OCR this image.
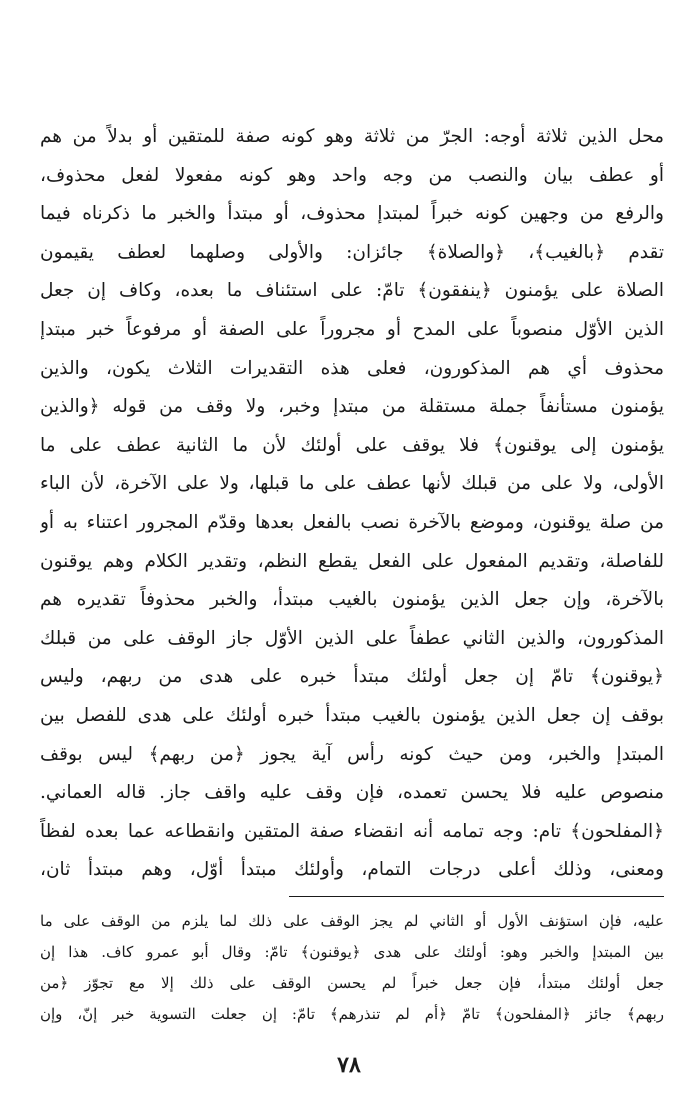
محل الذين ثلاثة أوجه: الجرّ من ثلاثة وهو كونه صفة للمتقين أو بدلاً من هم
أو عطف بيان والنصب من وجه واحد وهو كونه مفعولا لفعل محذوف،
والرفع من وجهين كونه خبراً لمبتدإ محذوف، أو مبتدأ والخبر ما ذكرناه فيما
تقدم ﴿بالغيب﴾، ﴿والصلاة﴾ جائزان: والأولى وصلهما لعطف يقيمون
الصلاة على يؤمنون ﴿ينفقون﴾ تامّ: على استئناف ما بعده، وكاف إن جعل
الذين الأوّل منصوباً على المدح أو مجروراً على الصفة أو مرفوعاً خبر مبتدإ
محذوف أي هم المذكورون، فعلى هذه التقديرات الثلاث يكون، والذين
يؤمنون مستأنفاً جملة مستقلة من مبتدإ وخبر، ولا وقف من قوله ﴿والذين
يؤمنون إلى يوقنون﴾ فلا يوقف على أولئك لأن ما الثانية عطف على ما
الأولى، ولا على من قبلك لأنها عطف على ما قبلها، ولا على الآخرة، لأن الباء
من صلة يوقنون، وموضع بالآخرة نصب بالفعل بعدها وقدّم المجرور اعتناء به أو
للفاصلة، وتقديم المفعول على الفعل يقطع النظم، وتقدير الكلام وهم يوقنون
بالآخرة، وإن جعل الذين يؤمنون بالغيب مبتدأ، والخبر محذوفاً تقديره هم
المذكورون، والذين الثاني عطفاً على الذين الأوّل جاز الوقف على من قبلك
﴿يوقنون﴾ تامّ إن جعل أولئك مبتدأ خبره على هدى من ربهم، وليس
بوقف إن جعل الذين يؤمنون بالغيب مبتدأ خبره أولئك على هدى للفصل بين
المبتدإ والخبر، ومن حيث كونه رأس آية يجوز ﴿من ربهم﴾ ليس بوقف
منصوص عليه فلا يحسن تعمده، فإن وقف عليه واقف جاز. قاله العماني.
﴿المفلحون﴾ تام: وجه تمامه أنه انقضاء صفة المتقين وانقطاعه عما بعده لفظاً
ومعنى، وذلك أعلى درجات التمام، وأولئك مبتدأ أوّل، وهم مبتدأ ثان،
عليه، فإن استؤنف الأول أو الثاني لم يجز الوقف على ذلك لما يلزم من الوقف على ما
بين المبتدإ والخبر وهو: أولئك على هدى ﴿يوقنون﴾ تامّ: وقال أبو عمرو كاف. هذا إن
جعل أولئك مبتدأ، فإن جعل خبراً لم يحسن الوقف على ذلك إلا مع تجوّز ﴿من
ربهم﴾ جائز ﴿المفلحون﴾ تامّ ﴿أم لم تنذرهم﴾ تامّ: إن جعلت التسوية خبر إنّ، وإن
٧٨
